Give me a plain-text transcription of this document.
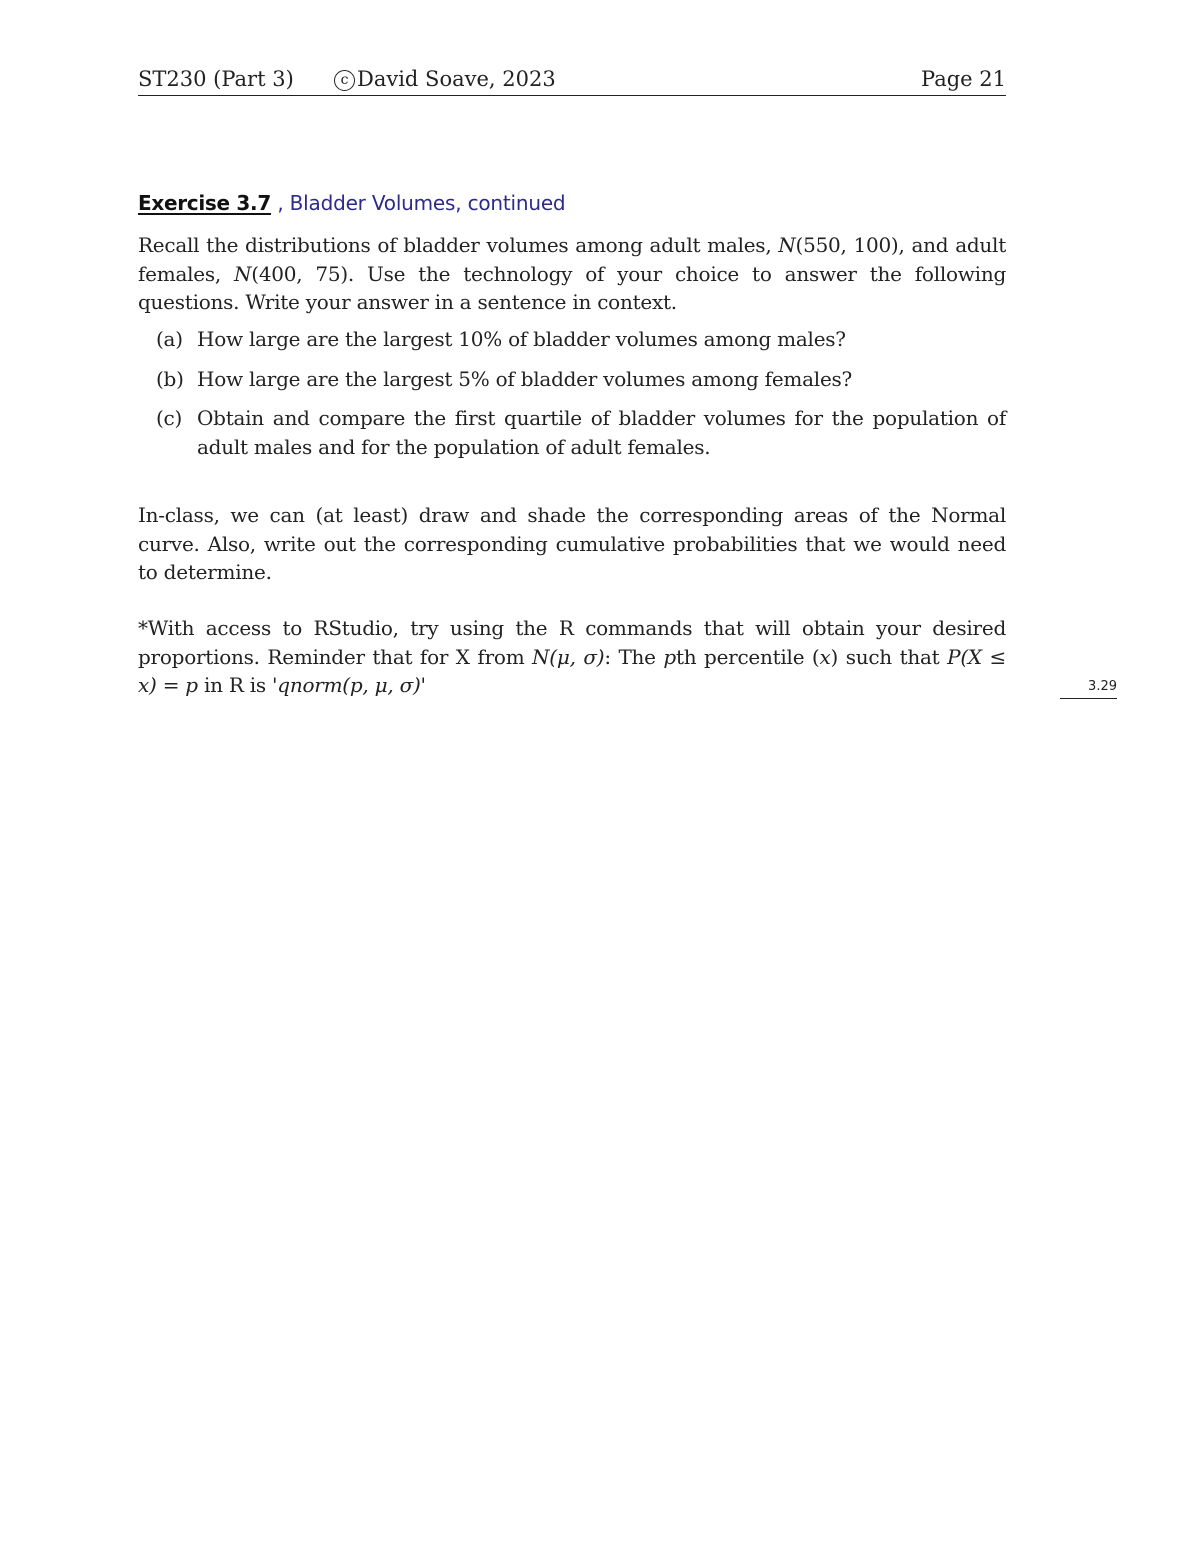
ST230 (Part 3)	c David Soave, 2023	Page 21
Exercise 3.7 , Bladder Volumes, continued
Recall the distributions of bladder volumes among adult males, N(550, 100), and adult females, N(400, 75). Use the technology of your choice to answer the following questions. Write your answer in a sentence in context.
(a) How large are the largest 10% of bladder volumes among males?
(b) How large are the largest 5% of bladder volumes among females?
(c) Obtain and compare the first quartile of bladder volumes for the population of adult males and for the population of adult females.
In-class, we can (at least) draw and shade the corresponding areas of the Normal curve. Also, write out the corresponding cumulative probabilities that we would need to determine.
*With access to RStudio, try using the R commands that will obtain your desired proportions. Reminder that for X from N(μ, σ): The pth percentile (x) such that P(X ≤ x) = p in R is 'qnorm(p, μ, σ)'	3.29
